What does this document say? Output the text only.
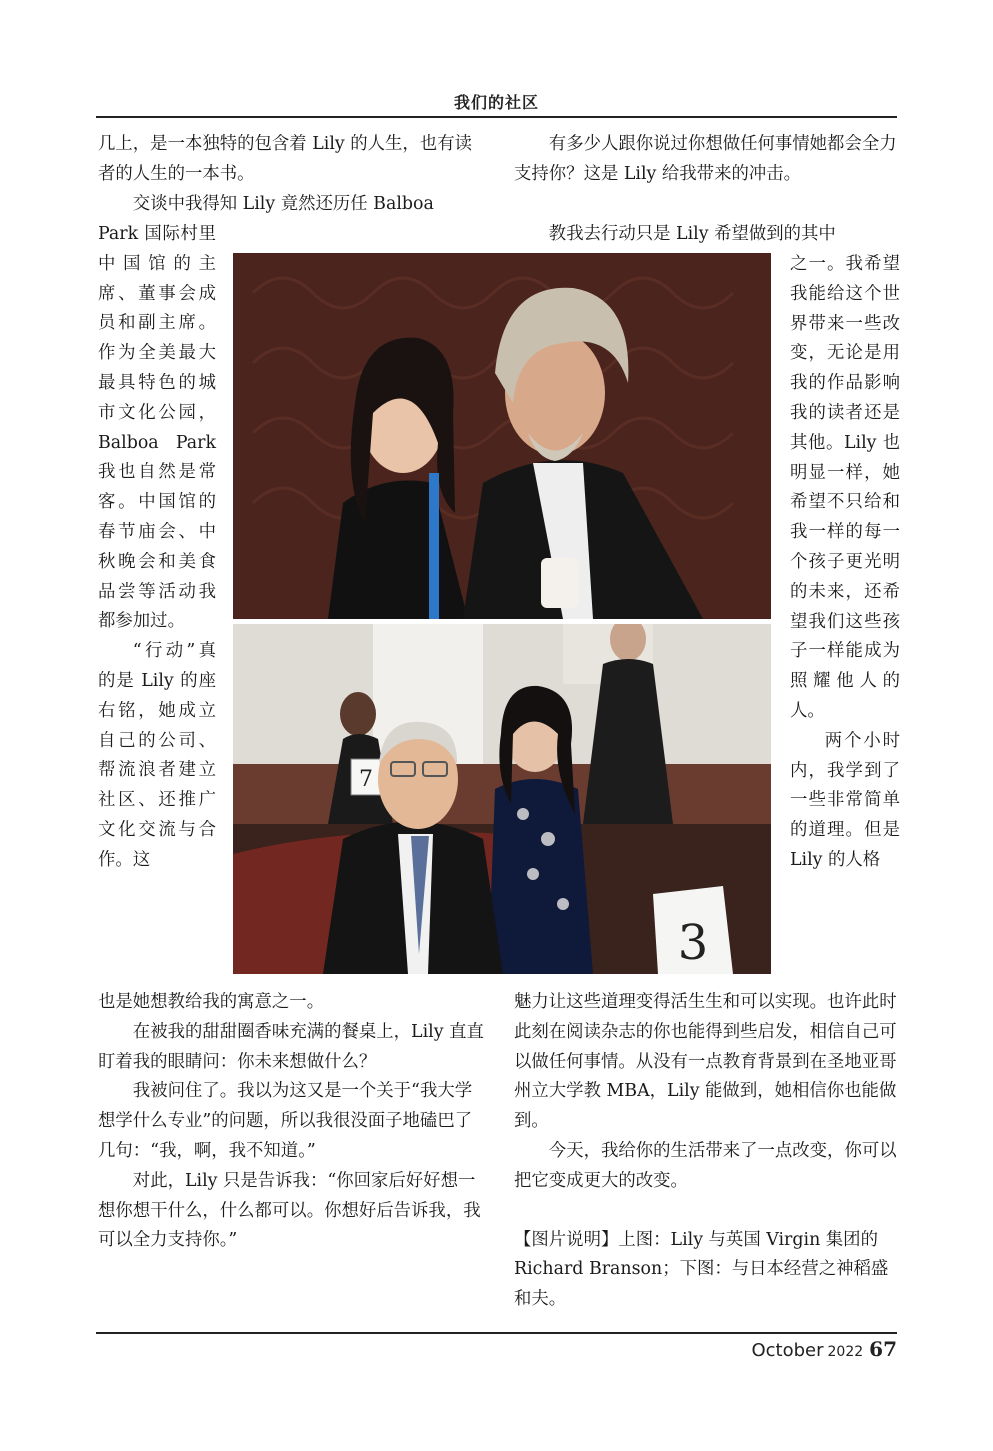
我们的社区

几上，是一本独特的包含着 Lily 的人生，也有读者的人生的一本书。

交谈中我得知 Lily 竟然还历任 Balboa

Park 国际村里中国馆的主席、董事会成员和副主席。作为全美最大最具特色的城市文化公园，Balboa Park 我也自然是常客。中国馆的春节庙会、中秋晚会和美食品尝等活动我都参加过。

“行动”真的是 Lily 的座右铭，她成立自己的公司、帮流浪者建立社区、还推广文化交流与合作。这

有多少人跟你说过你想做任何事情她都会全力支持你？这是 Lily 给我带来的冲击。

教我去行动只是 Lily 希望做到的其中

之一。我希望我能给这个世界带来一些改变，无论是用我的作品影响我的读者还是其他。Lily 也明显一样，她希望不只给和我一样的每一个孩子更光明的未来，还希望我们这些孩子一样能成为照耀他人的人。

两个小时内，我学到了一些非常简单的道理。但是 Lily 的人格

7
3

也是她想教给我的寓意之一。

在被我的甜甜圈香味充满的餐桌上，Lily 直直盯着我的眼睛问：你未来想做什么？

我被问住了。我以为这又是一个关于“我大学想学什么专业”的问题，所以我很没面子地磕巴了几句：“我，啊，我不知道。”

对此，Lily 只是告诉我：“你回家后好好想一想你想干什么，什么都可以。你想好后告诉我，我可以全力支持你。”

魅力让这些道理变得活生生和可以实现。也许此时此刻在阅读杂志的你也能得到些启发，相信自己可以做任何事情。从没有一点教育背景到在圣地亚哥州立大学教 MBA，Lily 能做到，她相信你也能做到。

今天，我给你的生活带来了一点改变，你可以把它变成更大的改变。

【图片说明】上图：Lily 与英国 Virgin 集团的 Richard Branson；下图：与日本经营之神稻盛和夫。

October 2022 67
